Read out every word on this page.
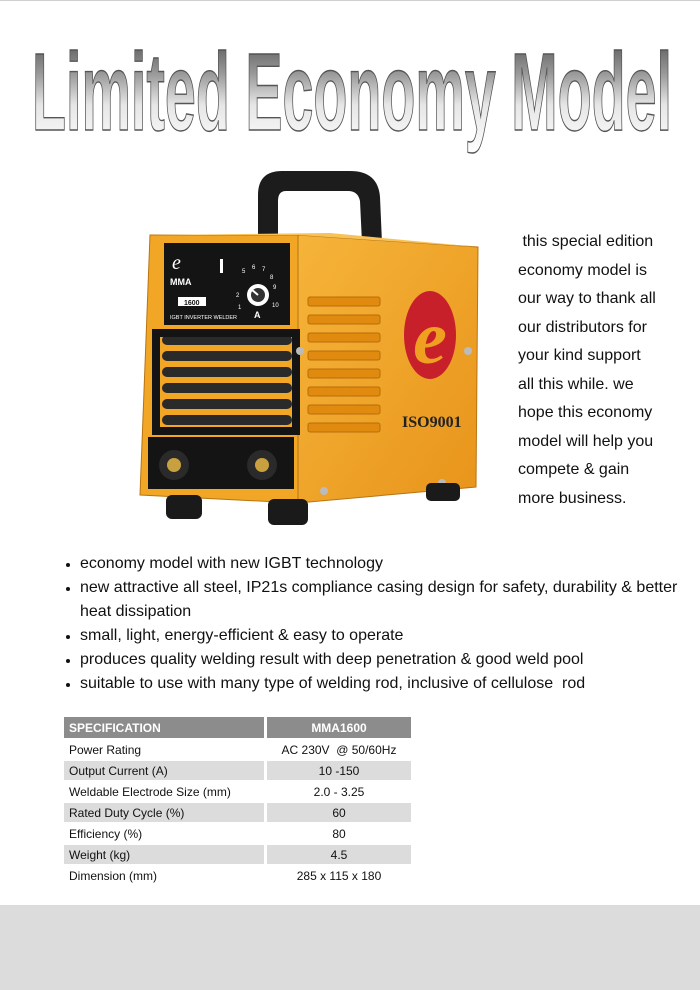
Limited Economy Model
e
MMA
1600
IGBT INVERTER WELDER A
5
6 7
8
9
10
2
1 e
ISO9001
this special edition
economy model is
our way to thank all
our distributors for
your kind support
all this while. we
hope this economy
model will help you
compete & gain
more business.
economy model with new IGBT technology
new attractive all steel, IP21s compliance casing design for safety, durability & better heat dissipation
small, light, energy-efficient & easy to operate
produces quality welding result with deep penetration & good weld pool
suitable to use with many type of welding rod, inclusive of cellulose  rod
SPECIFICATION		MMA1600
Power Rating		AC 230V  @ 50/60Hz
Output Current (A)		10 -150
Weldable Electrode Size (mm)		2.0 - 3.25
Rated Duty Cycle (%)		60
Efficiency (%)		80
Weight (kg)		4.5
Dimension (mm)		285 x 115 x 180
